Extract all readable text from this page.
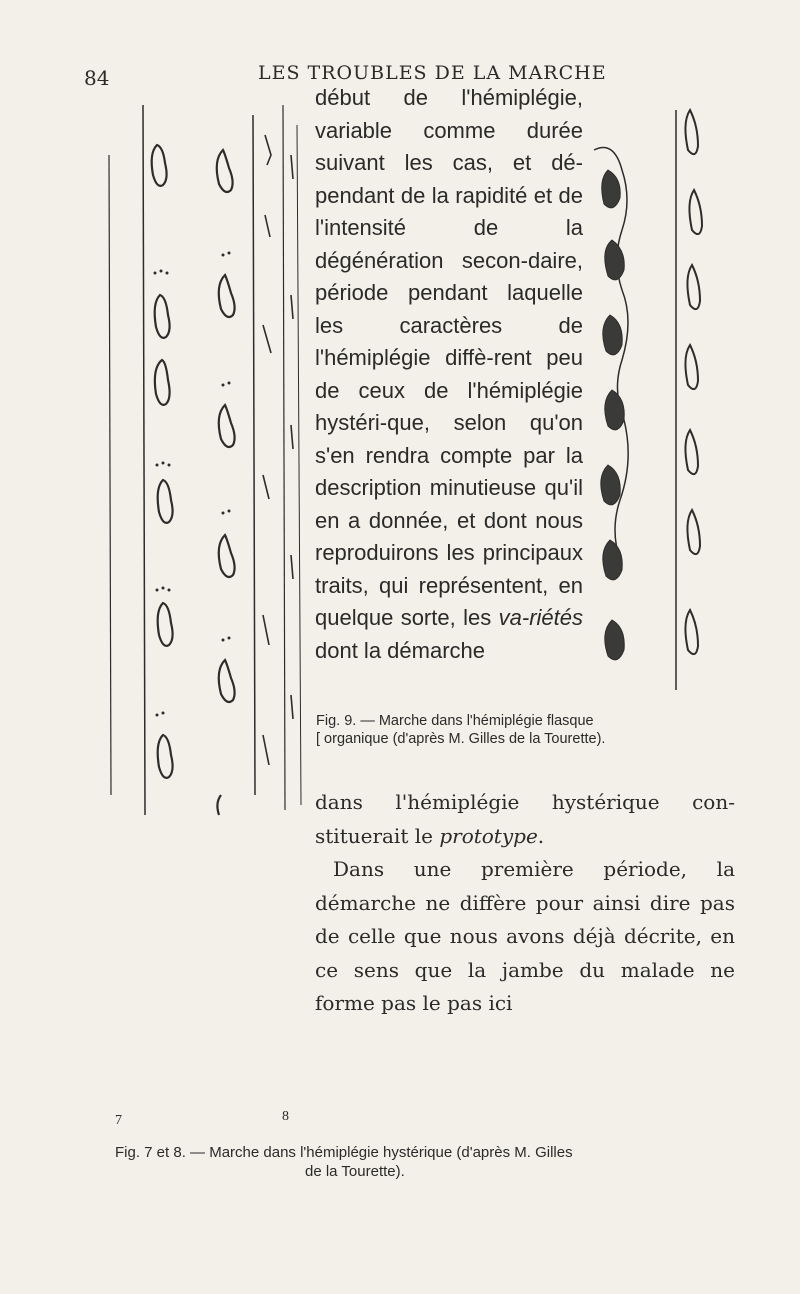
84	LES TROUBLES DE LA MARCHE

début de l'hémiplégie, variable comme durée suivant les cas, et dé-pendant de la rapidité et de l'intensité de la dégénération secon-daire, période pendant laquelle les caractères de l'hémiplégie diffè-rent peu de ceux de l'hémiplégie hystéri-que, selon qu'on s'en rendra compte par la description minutieuse qu'il en a donnée, et dont nous reproduirons les principaux traits, qui représentent, en quelque sorte, les va-riétés dont la démarche

Fig. 9. — Marche dans l'hémiplégie flasque
[ organique (d'après M. Gilles de la Tourette).

dans l'hémiplégie hystérique con-stituerait le prototype.

Dans une première période, la démarche ne diffère pour ainsi dire pas de celle que nous avons déjà décrite, en ce sens que la jambe du malade ne forme pas le pas ici

7	8
Fig. 7 et 8. — Marche dans l'hémiplégie hystérique (d'après M. Gilles
de la Tourette).
